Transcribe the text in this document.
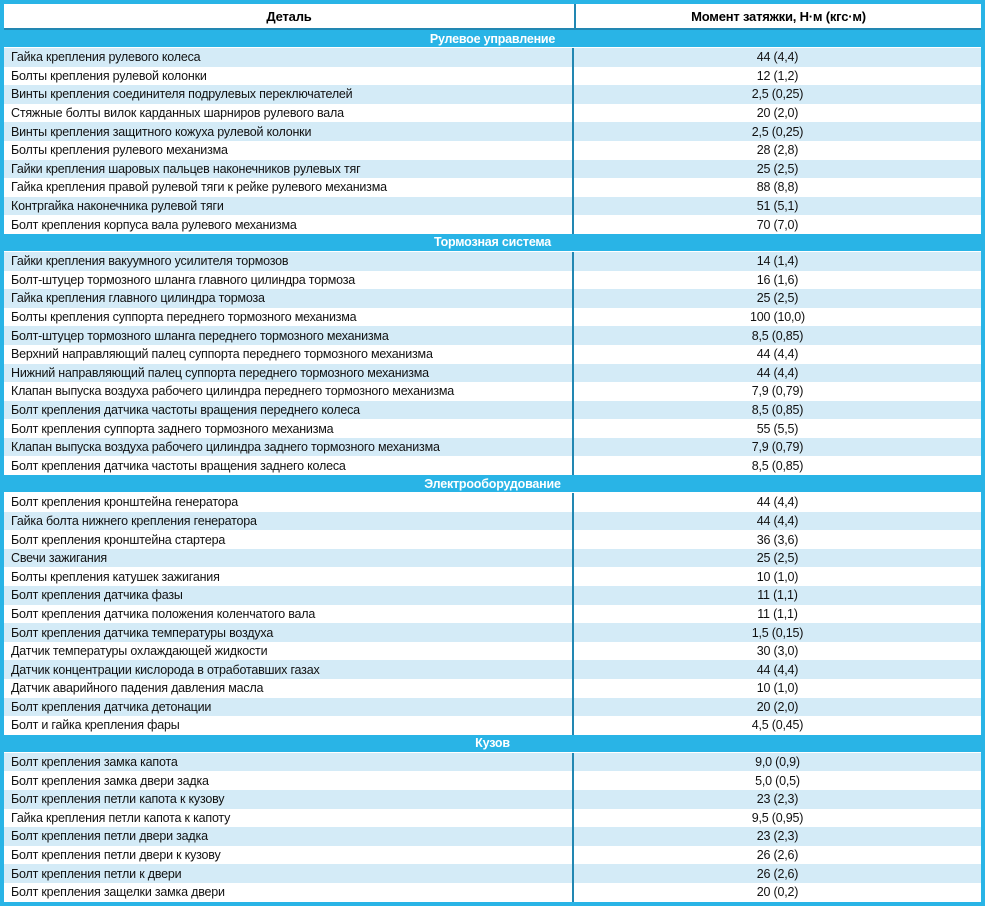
Деталь	Момент затяжки, Н·м (кгс·м)
Рулевое управление
Гайка крепления рулевого колеса	44 (4,4)
Болты крепления рулевой колонки	12 (1,2)
Винты крепления соединителя подрулевых переключателей	2,5 (0,25)
Стяжные болты вилок карданных шарниров рулевого вала	20 (2,0)
Винты крепления защитного кожуха рулевой колонки	2,5 (0,25)
Болты крепления рулевого механизма	28 (2,8)
Гайки крепления шаровых пальцев наконечников рулевых тяг	25 (2,5)
Гайка крепления правой рулевой тяги к рейке рулевого механизма	88 (8,8)
Контргайка наконечника рулевой тяги	51 (5,1)
Болт крепления корпуса вала рулевого механизма	70 (7,0)
Тормозная система
Гайки крепления вакуумного усилителя тормозов	14 (1,4)
Болт-штуцер тормозного шланга главного цилиндра тормоза	16 (1,6)
Гайка крепления главного цилиндра тормоза	25 (2,5)
Болты крепления суппорта переднего тормозного механизма	100 (10,0)
Болт-штуцер тормозного шланга переднего тормозного механизма	8,5 (0,85)
Верхний направляющий палец суппорта переднего тормозного механизма	44 (4,4)
Нижний направляющий палец суппорта переднего тормозного механизма	44 (4,4)
Клапан выпуска воздуха рабочего цилиндра переднего тормозного механизма	7,9 (0,79)
Болт крепления датчика частоты вращения переднего колеса	8,5 (0,85)
Болт крепления суппорта заднего тормозного механизма	55 (5,5)
Клапан выпуска воздуха рабочего цилиндра заднего тормозного механизма	7,9 (0,79)
Болт крепления датчика частоты вращения заднего колеса	8,5 (0,85)
Электрооборудование
Болт крепления кронштейна генератора	44 (4,4)
Гайка болта нижнего крепления генератора	44 (4,4)
Болт крепления кронштейна стартера	36 (3,6)
Свечи зажигания	25 (2,5)
Болты крепления катушек зажигания	10 (1,0)
Болт крепления датчика фазы	11 (1,1)
Болт крепления датчика положения коленчатого вала	11 (1,1)
Болт крепления датчика температуры воздуха	1,5 (0,15)
Датчик температуры охлаждающей жидкости	30 (3,0)
Датчик концентрации кислорода в отработавших газах	44 (4,4)
Датчик аварийного падения давления масла	10 (1,0)
Болт крепления датчика детонации	20 (2,0)
Болт и гайка крепления фары	4,5 (0,45)
Кузов
Болт крепления замка капота	9,0 (0,9)
Болт крепления замка двери задка	5,0 (0,5)
Болт крепления петли капота к кузову	23 (2,3)
Гайка крепления петли капота к капоту	9,5 (0,95)
Болт крепления петли двери задка	23 (2,3)
Болт крепления петли двери к кузову	26 (2,6)
Болт крепления петли к двери	26 (2,6)
Болт крепления защелки замка двери	20 (0,2)
